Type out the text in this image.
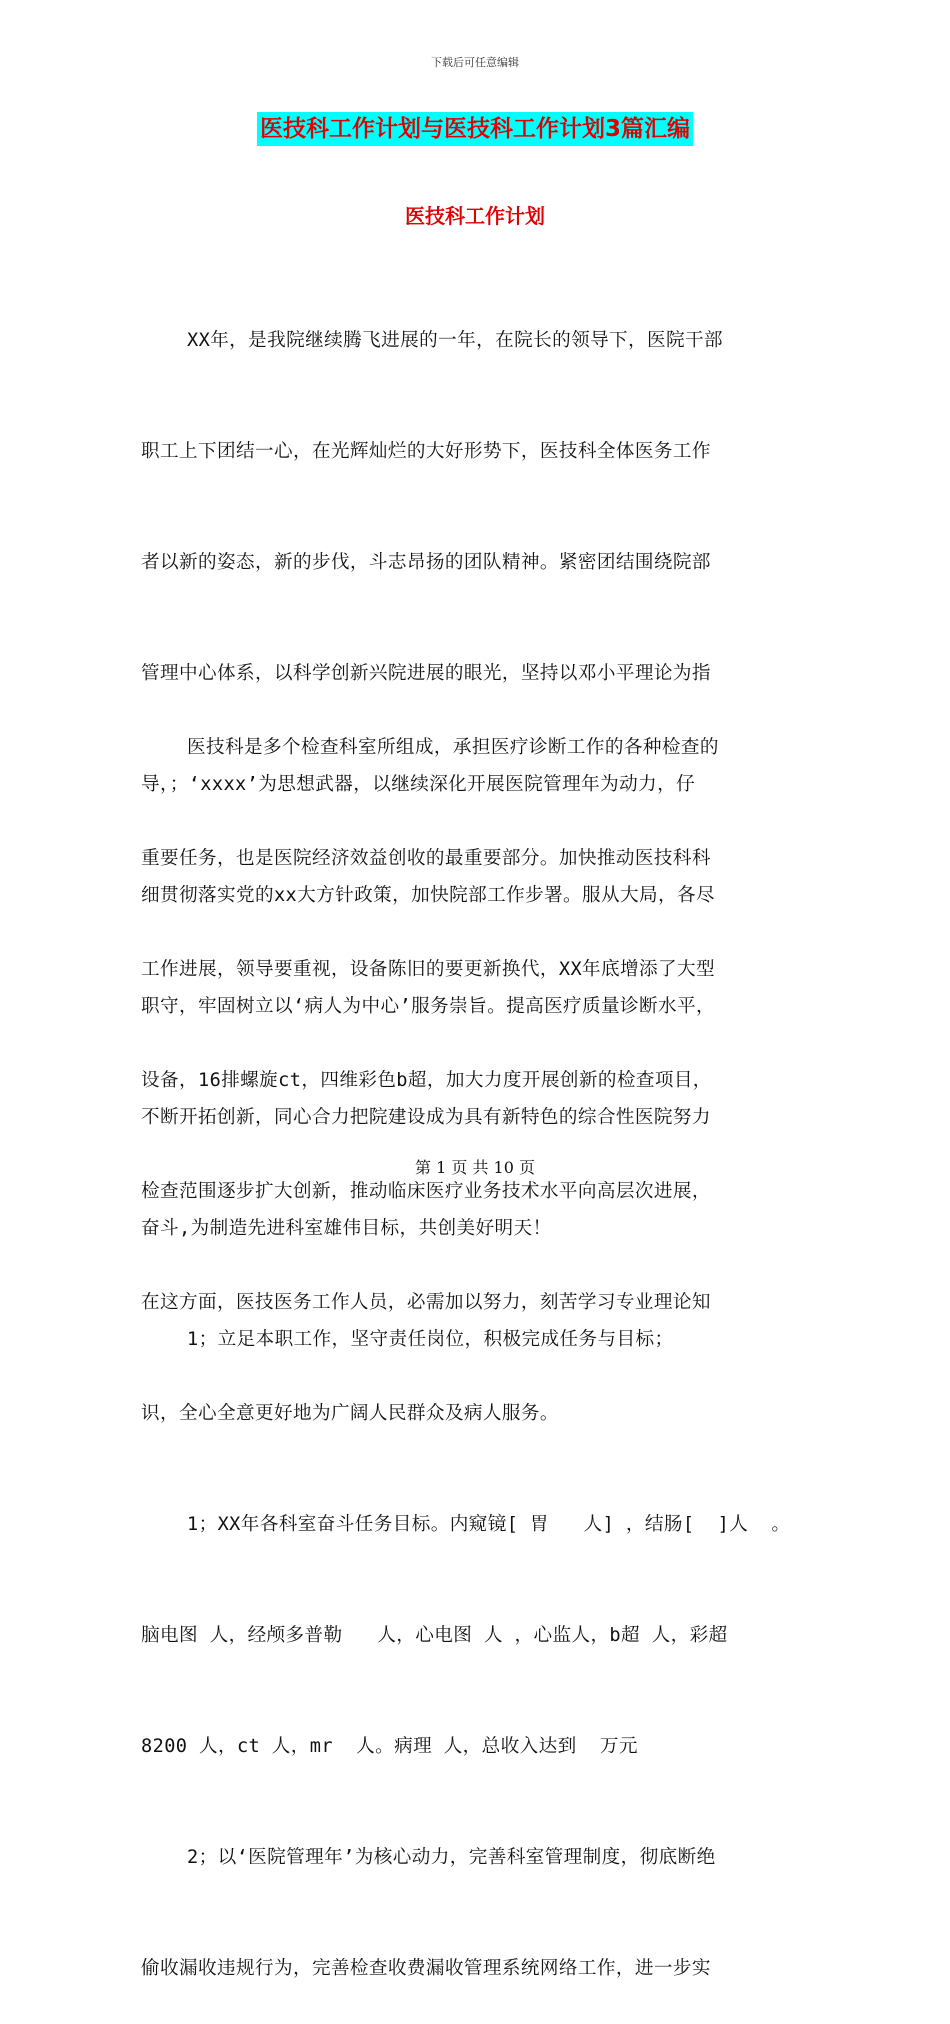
下载后可任意编辑
医技科工作计划与医技科工作计划3篇汇编
医技科工作计划

XX年，是我院继续腾飞进展的一年，在院长的领导下，医院干部

职工上下团结一心，在光辉灿烂的大好形势下，医技科全体医务工作

者以新的姿态，新的步伐，斗志昂扬的团队精神。紧密团结围绕院部

管理中心体系，以科学创新兴院进展的眼光，坚持以邓小平理论为指

导，；‘xxxx’为思想武器，以继续深化开展医院管理年为动力，仔

细贯彻落实党的xx大方针政策，加快院部工作步署。服从大局，各尽

职守，牢固树立以‘病人为中心’服务崇旨。提高医疗质量诊断水平，

不断开拓创新，同心合力把院建设成为具有新特色的综合性医院努力

奋斗,为制造先进科室雄伟目标，共创美好明天！

1；立足本职工作，坚守责任岗位，积极完成任务与目标；

医技科是多个检查科室所组成，承担医疗诊断工作的各种检查的

重要任务，也是医院经济效益创收的最重要部分。加快推动医技科科

工作进展，领导要重视，设备陈旧的要更新换代，XX年底增添了大型

设备，16排螺旋ct，四维彩色b超，加大力度开展创新的检查项目，

检查范围逐步扩大创新，推动临床医疗业务技术水平向高层次进展，

在这方面，医技医务工作人员，必需加以努力，刻苦学习专业理论知

识，全心全意更好地为广阔人民群众及病人服务。

1；XX年各科室奋斗任务目标。内窥镜[ 胃   人] ，结肠[  ]人  。

脑电图 人，经颅多普勒   人，心电图 人 ，心监人，b超 人，彩超

8200 人，ct 人，mr  人。病理 人，总收入达到  万元

2；以‘医院管理年’为核心动力，完善科室管理制度，彻底断绝

偷收漏收违规行为，完善检查收费漏收管理系统网络工作，进一步实

第 1 页 共 10 页
